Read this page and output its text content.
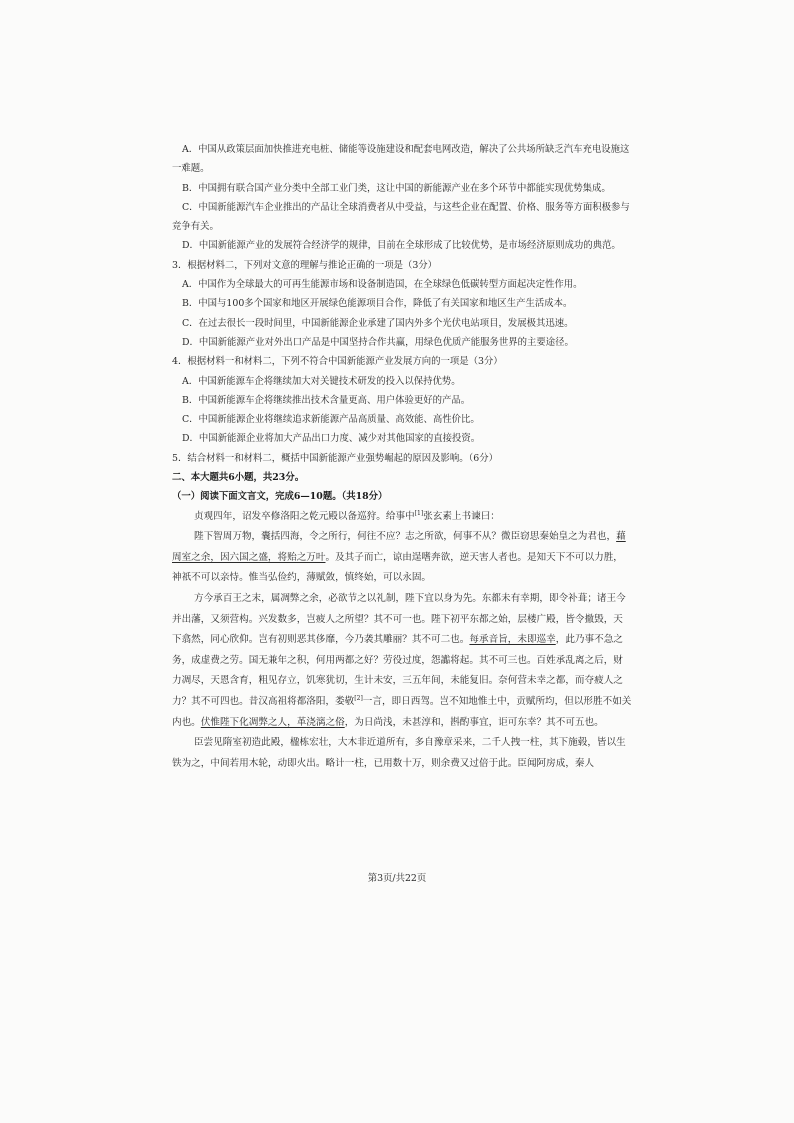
A．中国从政策层面加快推进充电桩、储能等设施建设和配套电网改造，解决了公共场所缺乏汽车充电设施这一难题。

B．中国拥有联合国产业分类中全部工业门类，这让中国的新能源产业在多个环节中都能实现优势集成。

C．中国新能源汽车企业推出的产品让全球消费者从中受益，与这些企业在配置、价格、服务等方面积极参与竞争有关。

D．中国新能源产业的发展符合经济学的规律，目前在全球形成了比较优势，是市场经济原则成功的典范。

3．根据材料二，下列对文意的理解与推论正确的一项是（3分）

A．中国作为全球最大的可再生能源市场和设备制造国，在全球绿色低碳转型方面起决定性作用。

B．中国与100多个国家和地区开展绿色能源项目合作，降低了有关国家和地区生产生活成本。

C．在过去很长一段时间里，中国新能源企业承建了国内外多个光伏电站项目，发展极其迅速。

D．中国新能源产业对外出口产品是中国坚持合作共赢，用绿色优质产能服务世界的主要途径。

4．根据材料一和材料二，下列不符合中国新能源产业发展方向的一项是（3分）

A．中国新能源车企将继续加大对关键技术研发的投入以保持优势。

B．中国新能源车企将继续推出技术含量更高、用户体验更好的产品。

C．中国新能源企业将继续追求新能源产品高质量、高效能、高性价比。

D．中国新能源企业将加大产品出口力度、减少对其他国家的直接投资。

5．结合材料一和材料二，概括中国新能源产业强势崛起的原因及影响。（6分）

二、本大题共6小题，共23分。

（一）阅读下面文言文，完成6—10题。（共18分）

贞观四年，诏发卒修洛阳之乾元殿以备巡狩。给事中[1]张玄素上书谏曰：

陛下智周万物，囊括四海，令之所行，何往不应？志之所欲，何事不从？微臣窃思秦始皇之为君也，藉周室之余，因六国之盛，将贻之万叶。及其子而亡，谅由逞嗜奔欲，逆天害人者也。是知天下不可以力胜，神祇不可以亲恃。惟当弘俭约，薄赋敛，慎终始，可以永固。

方今承百王之末，属凋弊之余，必欲节之以礼制，陛下宜以身为先。东都未有幸期，即令补葺；诸王今并出藩，又须营构。兴发数多，岂疲人之所望？其不可一也。陛下初平东都之始，层楼广殿，皆令撤毁，天下翕然，同心欣仰。岂有初则恶其侈靡，今乃袭其雕丽？其不可二也。每承音旨，未即巡幸，此乃事不急之务，成虚费之劳。国无兼年之积，何用两都之好？劳役过度，怨讟将起。其不可三也。百姓承乱离之后，财力凋尽，天恩含育，粗见存立，饥寒犹切，生计未安，三五年间，未能复旧。奈何营未幸之都，而夺疲人之力？其不可四也。昔汉高祖将都洛阳，娄敬[2]一言，即日西驾。岂不知地惟土中，贡赋所均，但以形胜不如关内也。伏惟陛下化凋弊之人，革浇漓之俗，为日尚浅，未甚淳和，斟酌事宜，讵可东幸？其不可五也。

臣尝见隋室初造此殿，楹栋宏壮，大木非近道所有，多自豫章采来，二千人拽一柱，其下施毂，皆以生铁为之，中间若用木轮，动即火出。略计一柱，已用数十万，则余费又过倍于此。臣闻阿房成，秦人

第3页/共22页
